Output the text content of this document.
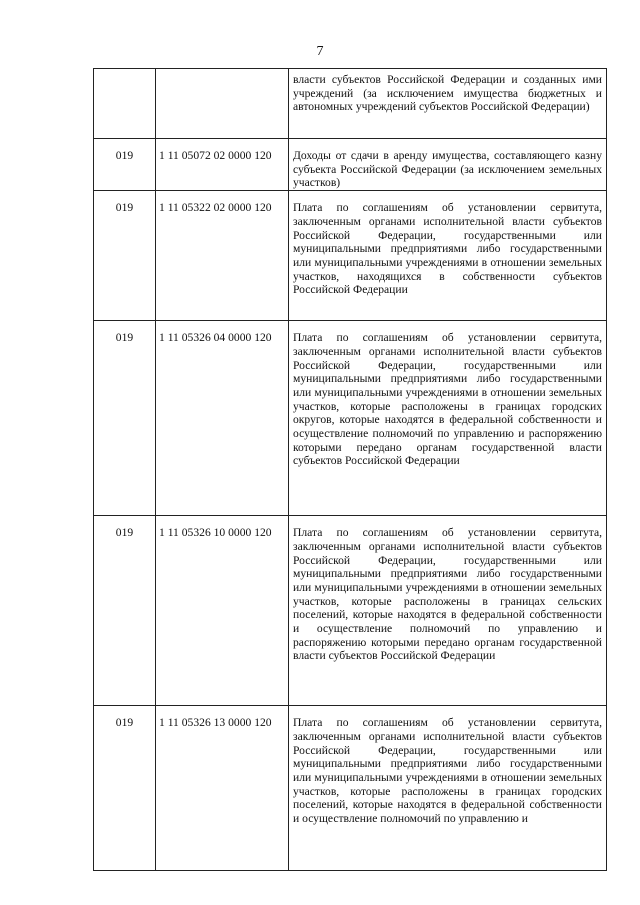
7

		власти субъектов Российской Федерации и созданных ими учреждений (за исключением имущества бюджетных и автономных учреждений субъектов Российской Федерации)

019	1 11 05072 02 0000 120	Доходы от сдачи в аренду имущества, составляющего казну субъекта Российской Федерации (за исключением земельных участков)

019	1 11 05322 02 0000 120	Плата по соглашениям об установлении сервитута, заключенным органами исполнительной власти субъектов Российской Федерации, государственными или муниципальными предприятиями либо государственными или муниципальными учреждениями в отношении земельных участков, находящихся в собственности субъектов Российской Федерации

019	1 11 05326 04 0000 120	Плата по соглашениям об установлении сервитута, заключенным органами исполнительной власти субъектов Российской Федерации, государственными или муниципальными предприятиями либо государственными или муниципальными учреждениями в отношении земельных участков, которые расположены в границах городских округов, которые находятся в федеральной собственности и осуществление полномочий по управлению и распоряжению которыми передано органам государственной власти субъектов Российской Федерации

019	1 11 05326 10 0000 120	Плата по соглашениям об установлении сервитута, заключенным органами исполнительной власти субъектов Российской Федерации, государственными или муниципальными предприятиями либо государственными или муниципальными учреждениями в отношении земельных участков, которые расположены в границах сельских поселений, которые находятся в федеральной собственности и осуществление полномочий по управлению и распоряжению которыми передано органам государственной власти субъектов Российской Федерации

019	1 11 05326 13 0000 120	Плата по соглашениям об установлении сервитута, заключенным органами исполнительной власти субъектов Российской Федерации, государственными или муниципальными предприятиями либо государственными или муниципальными учреждениями в отношении земельных участков, которые расположены в границах городских поселений, которые находятся в федеральной собственности и осуществление полномочий по управлению и
